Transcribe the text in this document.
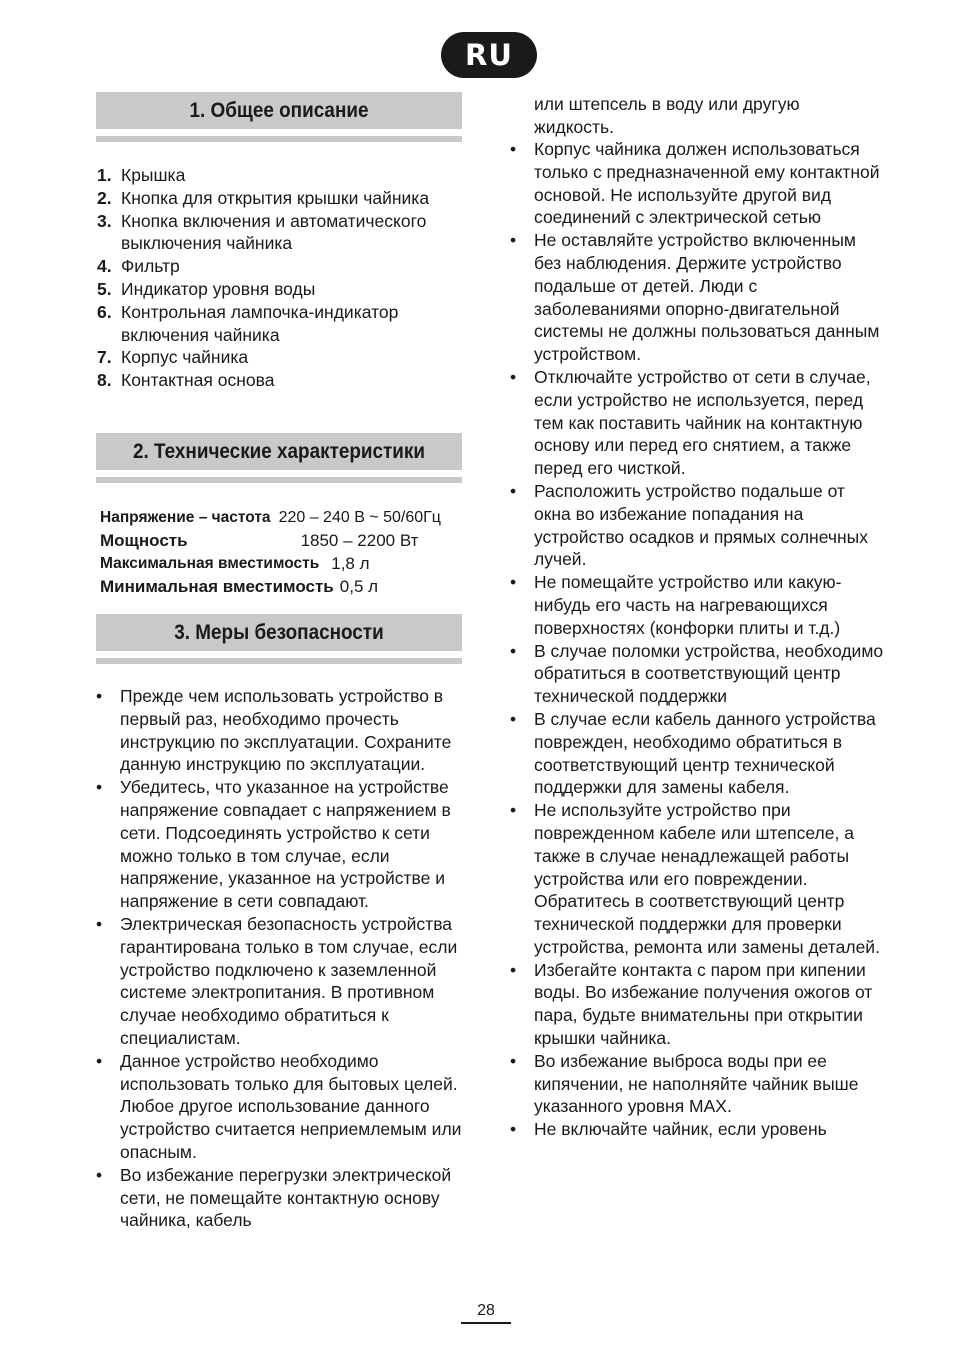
RU
1. Общее описание
1. Крышка
2. Кнопка для открытия крышки чайника
3. Кнопка включения и автоматического выключения чайника
4. Фильтр
5. Индикатор уровня воды
6. Контрольная лампочка-индикатор включения чайника
7. Корпус чайника
8. Контактная основа
2. Технические характеристики
Напряжение – частота 220 – 240 В ~ 50/60Гц
Мощность	1850 – 2200 Вт
Максимальная вместимость 1,8 л
Минимальная вместимость 0,5 л
3. Меры безопасности
• Прежде чем использовать устройство в первый раз, необходимо прочесть инструкцию по эксплуатации. Сохраните данную инструкцию по эксплуатации.
• Убедитесь, что указанное на устройстве напряжение совпадает с напряжением в сети. Подсоединять устройство к сети можно только в том случае, если напряжение, указанное на устройстве и напряжение в сети совпадают.
• Электрическая безопасность устройства гарантирована только в том случае, если устройство подключено к заземленной системе электропитания. В противном случае необходимо обратиться к специалистам.
• Данное устройство необходимо использовать только для бытовых целей. Любое другое использование данного устройство считается неприемлемым или опасным.
• Во избежание перегрузки электрической сети, не помещайте контактную основу чайника, кабель
или штепсель в воду или другую жидкость.
• Корпус чайника должен использоваться только с предназначенной ему контактной основой. Не используйте другой вид соединений с электрической сетью
• Не оставляйте устройство включенным без наблюдения. Держите устройство подальше от детей. Люди с заболеваниями опорно-двигательной системы не должны пользоваться данным устройством.
• Отключайте устройство от сети в случае, если устройство не используется, перед тем как поставить чайник на контактную основу или перед его снятием, а также перед его чисткой.
• Расположить устройство подальше от окна во избежание попадания на устройство осадков и прямых солнечных лучей.
• Не помещайте устройство или какую-нибудь его часть на нагревающихся поверхностях (конфорки плиты и т.д.)
• В случае поломки устройства, необходимо обратиться в соответствующий центр технической поддержки
• В случае если кабель данного устройства поврежден, необходимо обратиться в соответствующий центр технической поддержки для замены кабеля.
• Не используйте устройство при поврежденном кабеле или штепселе, а также в случае ненадлежащей работы устройства или его повреждении. Обратитесь в соответствующий центр технической поддержки для проверки устройства, ремонта или замены деталей.
• Избегайте контакта с паром при кипении воды. Во избежание получения ожогов от пара, будьте внимательны при открытии крышки чайника.
• Во избежание выброса воды при ее кипячении, не наполняйте чайник выше указанного уровня MAX.
• Не включайте чайник, если уровень
28
